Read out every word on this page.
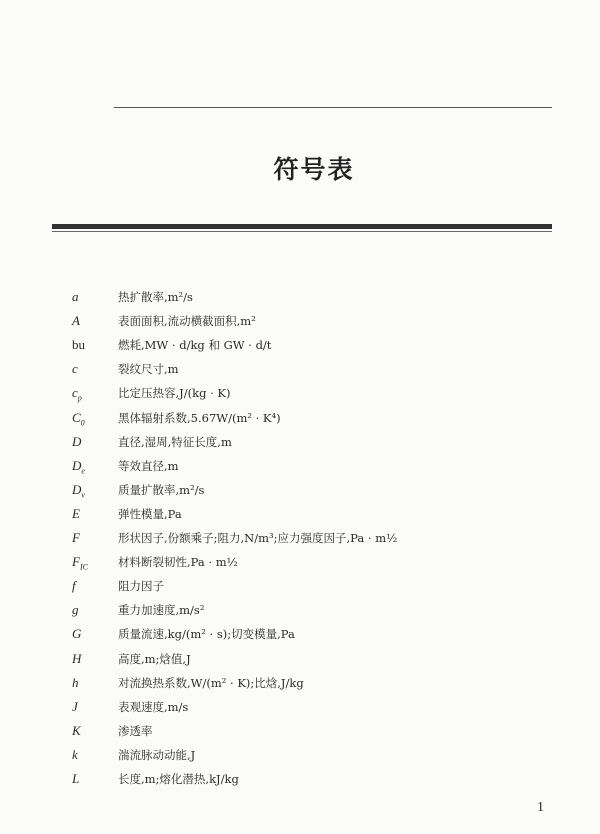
符号表
a	热扩散率,m²/s
A	表面面积,流动横截面积,m²
bu	燃耗,MW · d/kg 和 GW · d/t
c	裂纹尺寸,m
$c_p$	比定压热容,J/(kg · K)
$C_0$	黑体辐射系数,5.67W/(m² · K⁴)
D	直径,湿周,特征长度,m
$D_e$	等效直径,m
$D_v$	质量扩散率,m²/s
E	弹性模量,Pa
F	形状因子,份额乘子;阻力,N/m³;应力强度因子,Pa · m½
$F_{IC}$	材料断裂韧性,Pa · m½
f	阻力因子
g	重力加速度,m/s²
G	质量流速,kg/(m² · s);切变模量,Pa
H	高度,m;焓值,J
h	对流换热系数,W/(m² · K);比焓,J/kg
J	表观速度,m/s
K	渗透率
k	湍流脉动动能,J
L	长度,m;熔化潜热,kJ/kg
1
